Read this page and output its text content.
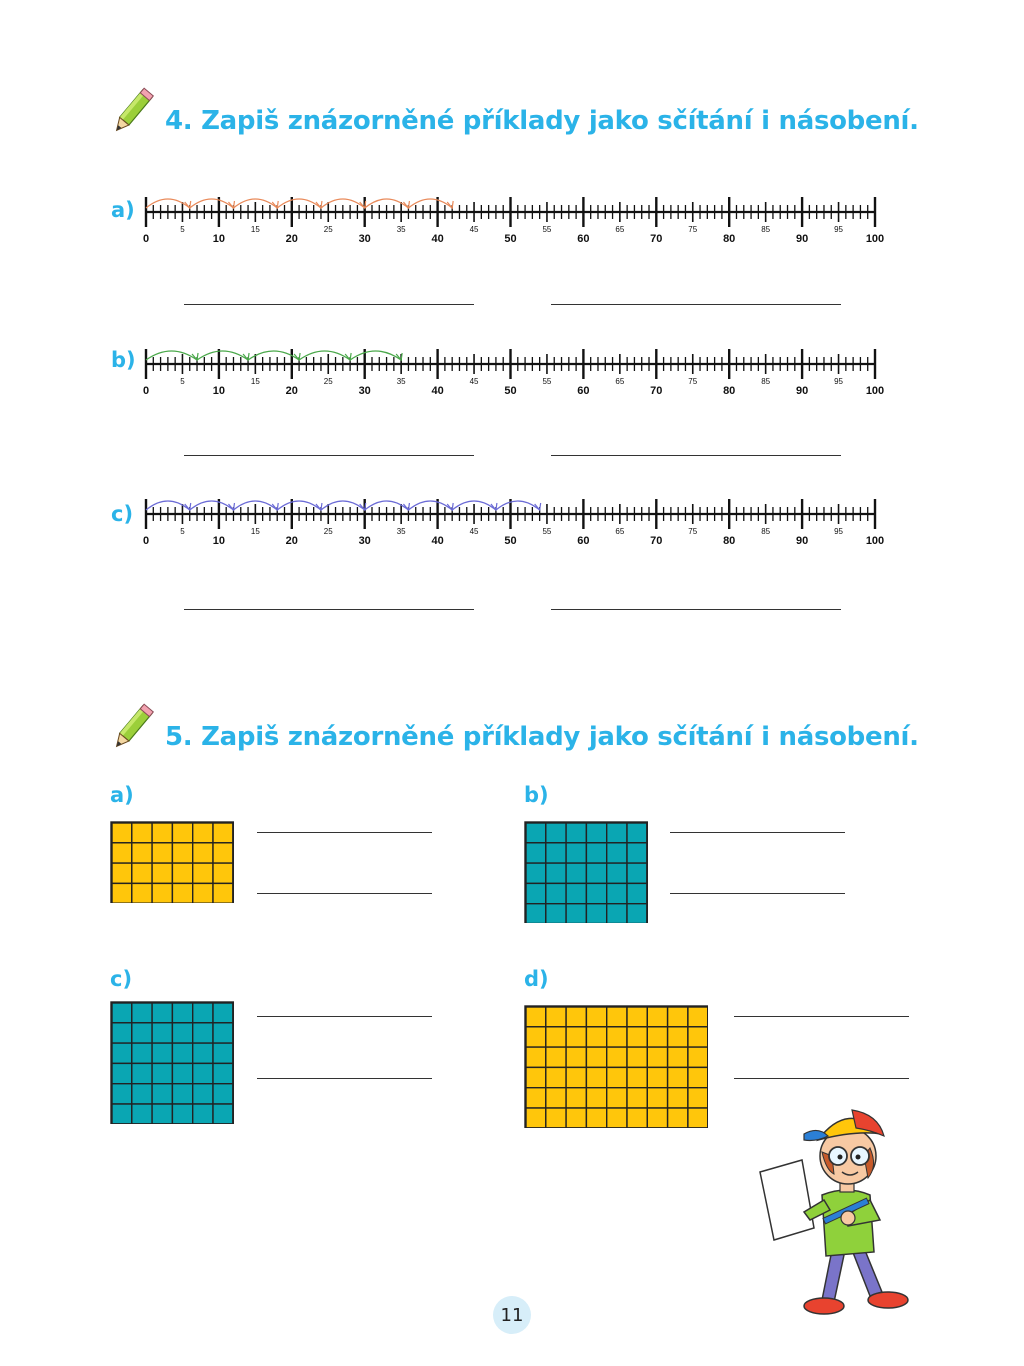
4. Zapiš znázorněné příklady jako sčítání i násobení.
a)
0
5
10
15
20
25
30
35
40
45
50
55
60
65
70
75
80
85
90
95
100
b)
0
5
10
15
20
25
30
35
40
45
50
55
60
65
70
75
80
85
90
95
100
c)
0
5
10
15
20
25
30
35
40
45
50
55
60
65
70
75
80
85
90
95
100
5. Zapiš znázorněné příklady jako sčítání i násobení.
a)	b)
c)	d)
11
